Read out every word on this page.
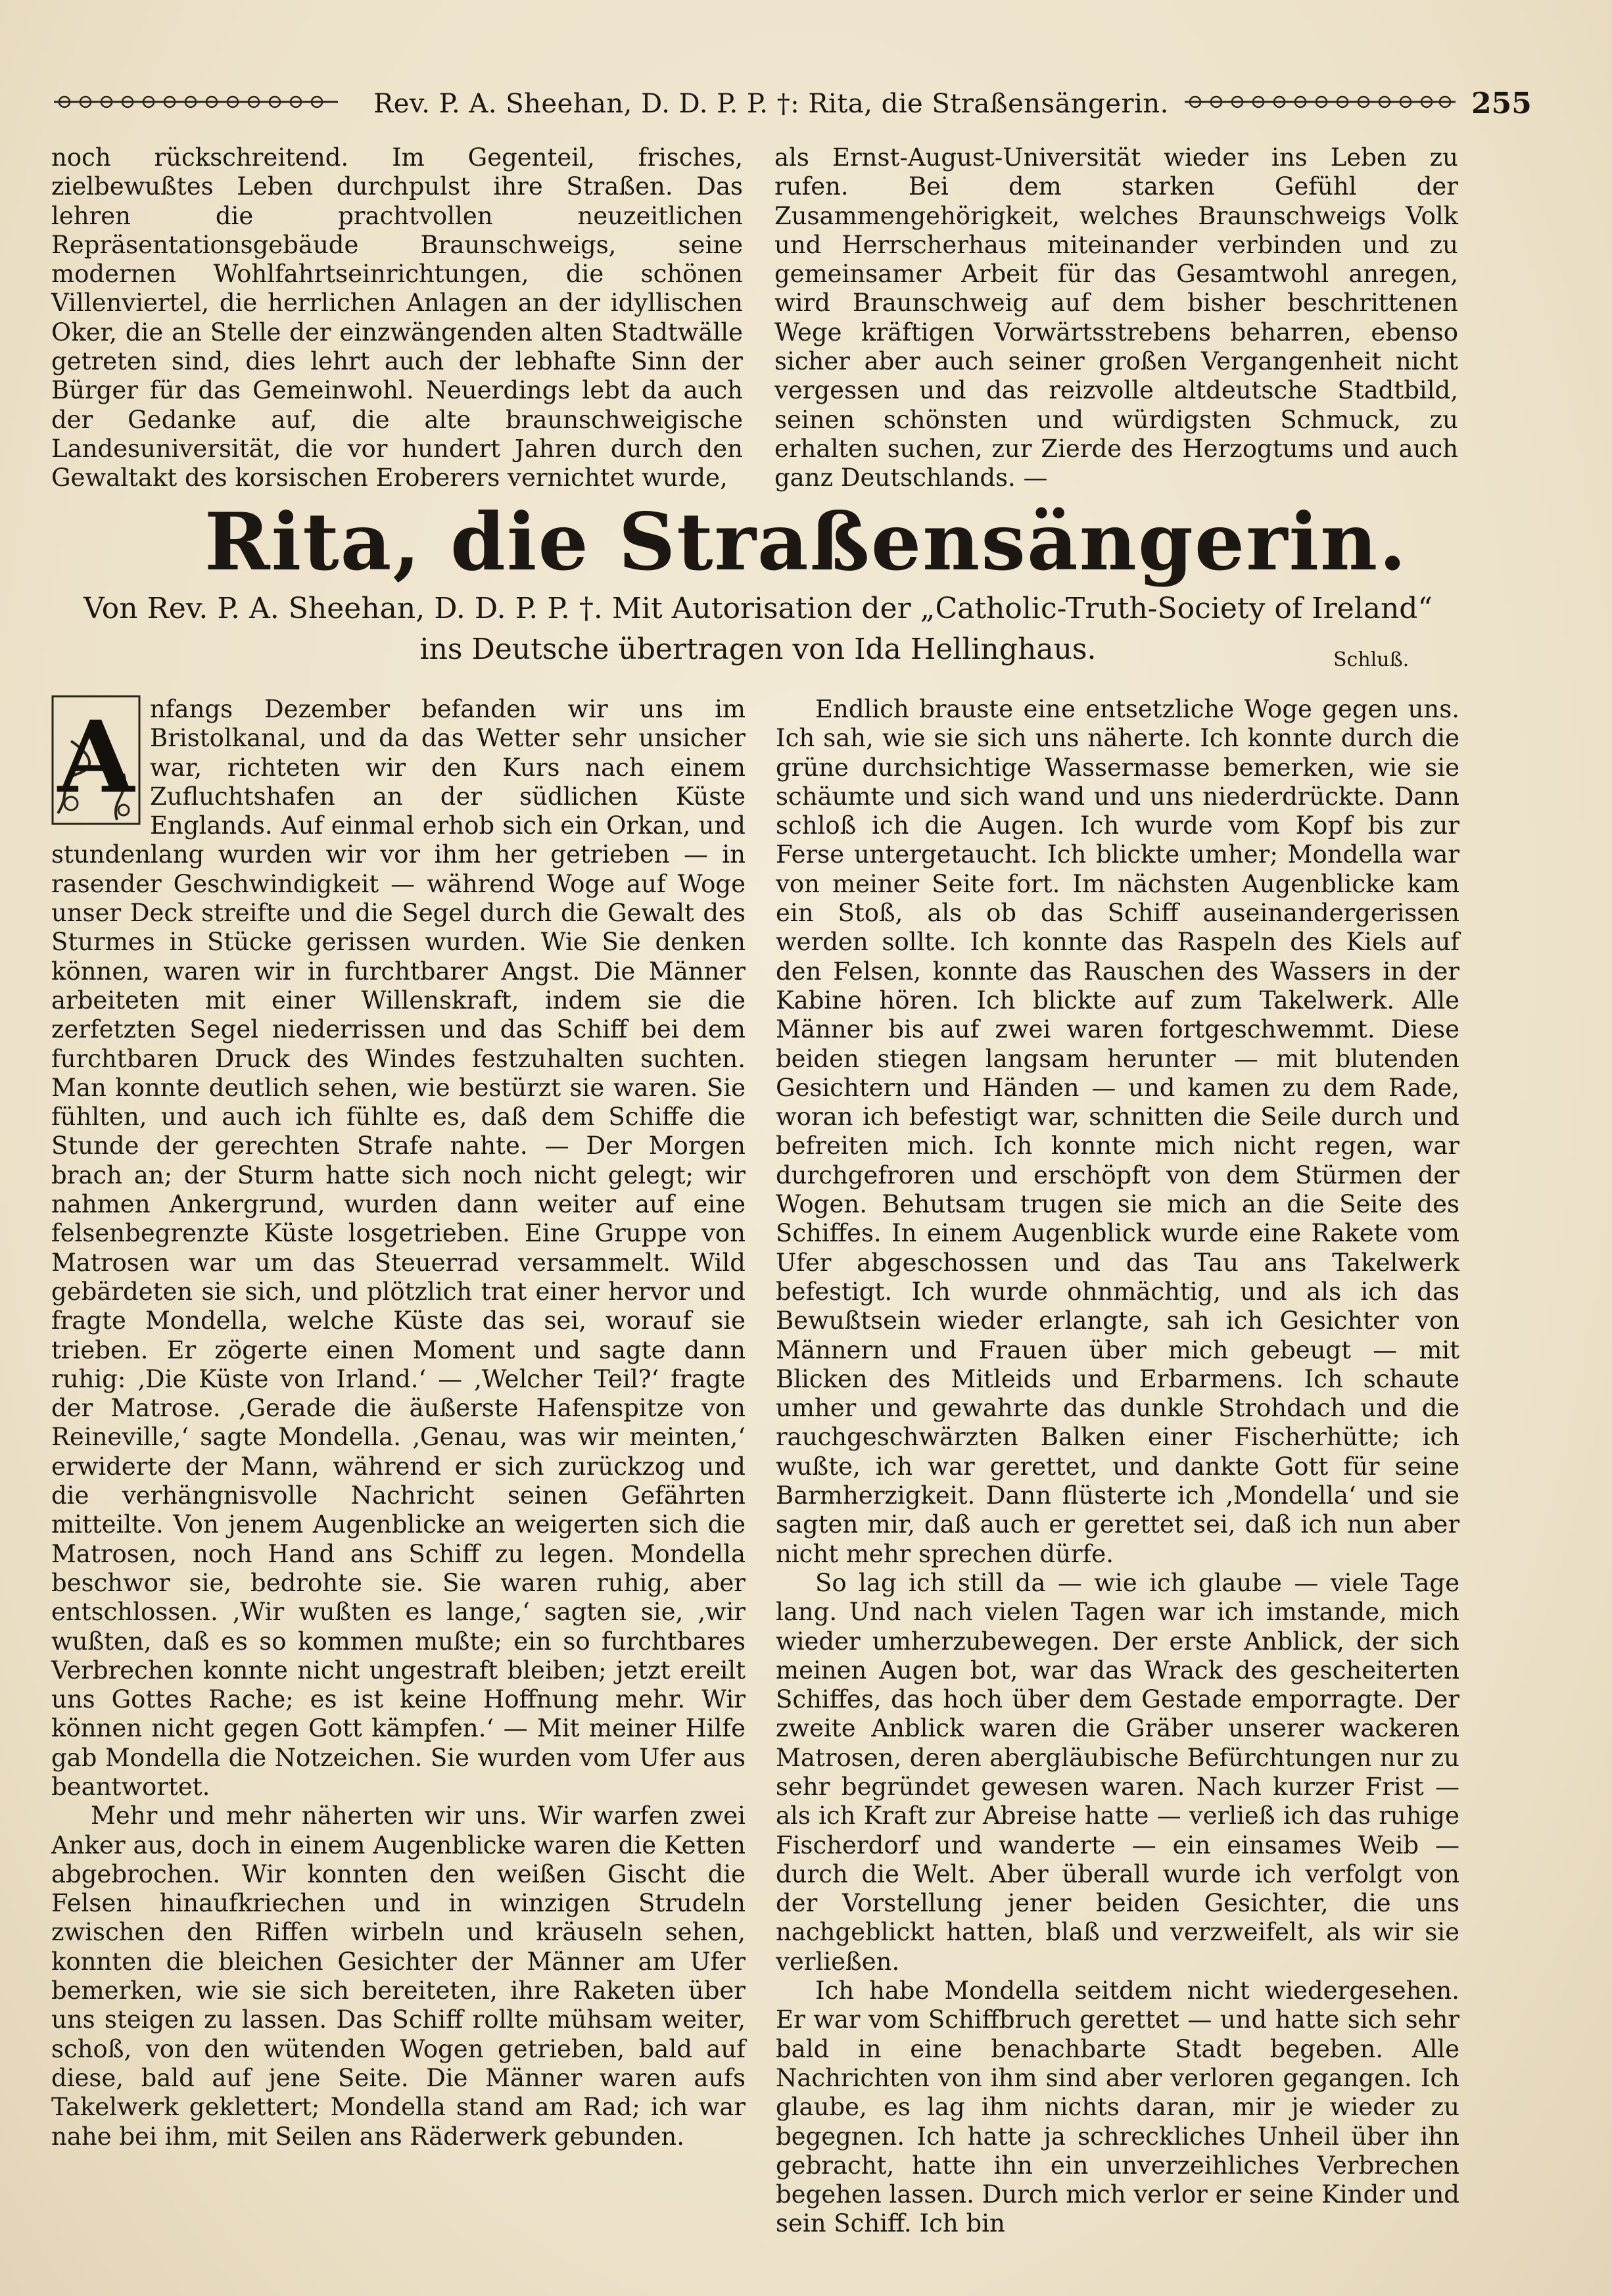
Rev. P. A. Sheehan, D. D. P. P. †: Rita, die Straßensängerin.	255

noch rückschreitend. Im Gegenteil, frisches, zielbewußtes Leben durchpulst ihre Straßen. Das lehren die prachtvollen neuzeitlichen Repräsentationsgebäude Braunschweigs, seine modernen Wohlfahrtseinrichtungen, die schönen Villenviertel, die herrlichen Anlagen an der idyllischen Oker, die an Stelle der einzwängenden alten Stadtwälle getreten sind, dies lehrt auch der lebhafte Sinn der Bürger für das Gemeinwohl. Neuerdings lebt da auch der Gedanke auf, die alte braunschweigische Landesuniversität, die vor hundert Jahren durch den Gewaltakt des korsischen Eroberers vernichtet wurde,

als Ernst-August-Universität wieder ins Leben zu rufen. Bei dem starken Gefühl der Zusammengehörigkeit, welches Braunschweigs Volk und Herrscherhaus miteinander verbinden und zu gemeinsamer Arbeit für das Gesamtwohl anregen, wird Braunschweig auf dem bisher beschrittenen Wege kräftigen Vorwärtsstrebens beharren, ebenso sicher aber auch seiner großen Vergangenheit nicht vergessen und das reizvolle altdeutsche Stadtbild, seinen schönsten und würdigsten Schmuck, zu erhalten suchen, zur Zierde des Herzogtums und auch ganz Deutschlands. —

Rita, die Straßensängerin.
Von Rev. P. A. Sheehan, D. D. P. P. †. Mit Autorisation der „Catholic-Truth-Society of Ireland“
ins Deutsche übertragen von Ida Hellinghaus.	Schluß.
A nfangs Dezember befanden wir uns im Bristolkanal, und da das Wetter sehr unsicher war, richteten wir den Kurs nach einem Zufluchtshafen an der südlichen Küste Englands. Auf einmal erhob sich ein Orkan, und stundenlang wurden wir vor ihm her getrieben — in rasender Geschwindigkeit — während Woge auf Woge unser Deck streifte und die Segel durch die Gewalt des Sturmes in Stücke gerissen wurden. Wie Sie denken können, waren wir in furchtbarer Angst. Die Männer arbeiteten mit einer Willenskraft, indem sie die zerfetzten Segel niederrissen und das Schiff bei dem furchtbaren Druck des Windes festzuhalten suchten. Man konnte deutlich sehen, wie bestürzt sie waren. Sie fühlten, und auch ich fühlte es, daß dem Schiffe die Stunde der gerechten Strafe nahte. — Der Morgen brach an; der Sturm hatte sich noch nicht gelegt; wir nahmen Ankergrund, wurden dann weiter auf eine felsenbegrenzte Küste losgetrieben. Eine Gruppe von Matrosen war um das Steuerrad versammelt. Wild gebärdeten sie sich, und plötzlich trat einer hervor und fragte Mondella, welche Küste das sei, worauf sie trieben. Er zögerte einen Moment und sagte dann ruhig: ‚Die Küste von Irland.‘ — ‚Welcher Teil?‘ fragte der Matrose. ‚Gerade die äußerste Hafenspitze von Reineville,‘ sagte Mondella. ‚Genau, was wir meinten,‘ erwiderte der Mann, während er sich zurückzog und die verhängnisvolle Nachricht seinen Gefährten mitteilte. Von jenem Augenblicke an weigerten sich die Matrosen, noch Hand ans Schiff zu legen. Mondella beschwor sie, bedrohte sie. Sie waren ruhig, aber entschlossen. ‚Wir wußten es lange,‘ sagten sie, ‚wir wußten, daß es so kommen mußte; ein so furchtbares Verbrechen konnte nicht ungestraft bleiben; jetzt ereilt uns Gottes Rache; es ist keine Hoffnung mehr. Wir können nicht gegen Gott kämpfen.‘ — Mit meiner Hilfe gab Mondella die Notzeichen. Sie wurden vom Ufer aus beantwortet.

Mehr und mehr näherten wir uns. Wir warfen zwei Anker aus, doch in einem Augenblicke waren die Ketten abgebrochen. Wir konnten den weißen Gischt die Felsen hinaufkriechen und in winzigen Strudeln zwischen den Riffen wirbeln und kräuseln sehen, konnten die bleichen Gesichter der Männer am Ufer bemerken, wie sie sich bereiteten, ihre Raketen über uns steigen zu lassen. Das Schiff rollte mühsam weiter, schoß, von den wütenden Wogen getrieben, bald auf diese, bald auf jene Seite. Die Männer waren aufs Takelwerk geklettert; Mondella stand am Rad; ich war nahe bei ihm, mit Seilen ans Räderwerk gebunden.

Endlich brauste eine entsetzliche Woge gegen uns. Ich sah, wie sie sich uns näherte. Ich konnte durch die grüne durchsichtige Wassermasse bemerken, wie sie schäumte und sich wand und uns niederdrückte. Dann schloß ich die Augen. Ich wurde vom Kopf bis zur Ferse untergetaucht. Ich blickte umher; Mondella war von meiner Seite fort. Im nächsten Augenblicke kam ein Stoß, als ob das Schiff auseinandergerissen werden sollte. Ich konnte das Raspeln des Kiels auf den Felsen, konnte das Rauschen des Wassers in der Kabine hören. Ich blickte auf zum Takelwerk. Alle Männer bis auf zwei waren fortgeschwemmt. Diese beiden stiegen langsam herunter — mit blutenden Gesichtern und Händen — und kamen zu dem Rade, woran ich befestigt war, schnitten die Seile durch und befreiten mich. Ich konnte mich nicht regen, war durchgefroren und erschöpft von dem Stürmen der Wogen. Behutsam trugen sie mich an die Seite des Schiffes. In einem Augenblick wurde eine Rakete vom Ufer abgeschossen und das Tau ans Takelwerk befestigt. Ich wurde ohnmächtig, und als ich das Bewußtsein wieder erlangte, sah ich Gesichter von Männern und Frauen über mich gebeugt — mit Blicken des Mitleids und Erbarmens. Ich schaute umher und gewahrte das dunkle Strohdach und die rauchgeschwärzten Balken einer Fischerhütte; ich wußte, ich war gerettet, und dankte Gott für seine Barmherzigkeit. Dann flüsterte ich ‚Mondella‘ und sie sagten mir, daß auch er gerettet sei, daß ich nun aber nicht mehr sprechen dürfe.

So lag ich still da — wie ich glaube — viele Tage lang. Und nach vielen Tagen war ich imstande, mich wieder umherzubewegen. Der erste Anblick, der sich meinen Augen bot, war das Wrack des gescheiterten Schiffes, das hoch über dem Gestade emporragte. Der zweite Anblick waren die Gräber unserer wackeren Matrosen, deren abergläubische Befürchtungen nur zu sehr begründet gewesen waren. Nach kurzer Frist — als ich Kraft zur Abreise hatte — verließ ich das ruhige Fischerdorf und wanderte — ein einsames Weib — durch die Welt. Aber überall wurde ich verfolgt von der Vorstellung jener beiden Gesichter, die uns nachgeblickt hatten, blaß und verzweifelt, als wir sie verließen.

Ich habe Mondella seitdem nicht wiedergesehen. Er war vom Schiffbruch gerettet — und hatte sich sehr bald in eine benachbarte Stadt begeben. Alle Nachrichten von ihm sind aber verloren gegangen. Ich glaube, es lag ihm nichts daran, mir je wieder zu begegnen. Ich hatte ja schreckliches Unheil über ihn gebracht, hatte ihn ein unverzeihliches Verbrechen begehen lassen. Durch mich verlor er seine Kinder und sein Schiff. Ich bin
